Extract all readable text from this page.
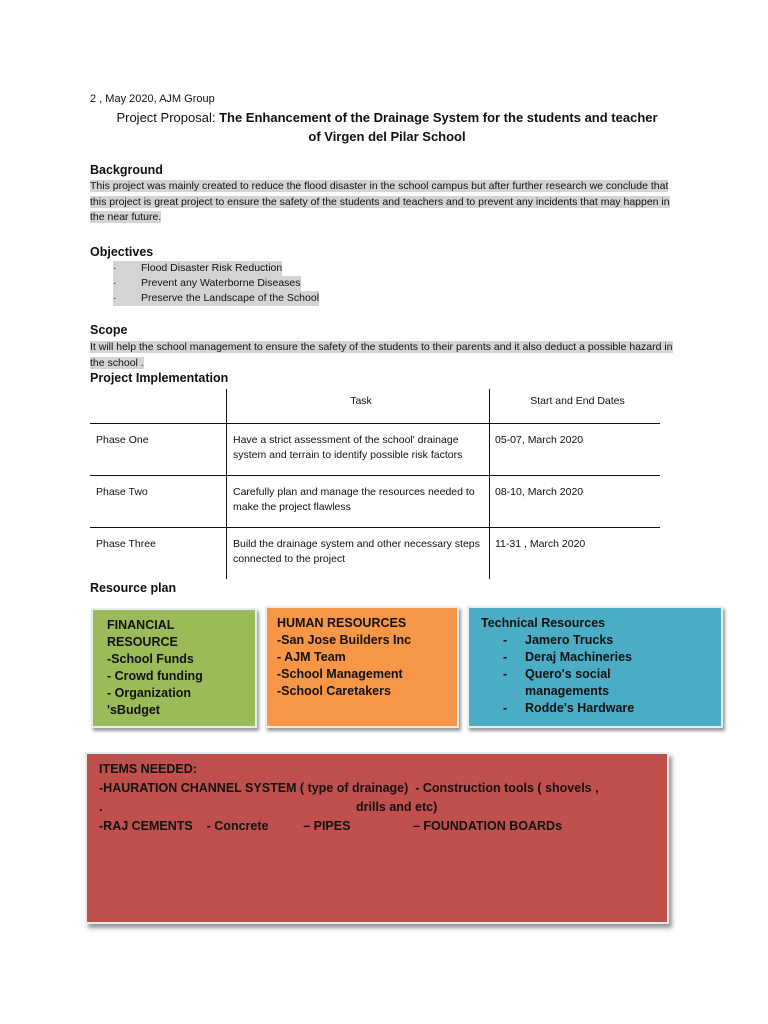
2 , May 2020, AJM Group
Project Proposal: The Enhancement of the Drainage System for the students and teacher
of Virgen del Pilar School
Background
This project was mainly created to reduce the flood disaster in the school campus but after further research we conclude that this project is great project to ensure the safety of the students and teachers and to prevent any incidents that may happen in the near future.
Objectives
· Flood Disaster Risk Reduction
· Prevent any Waterborne Diseases
· Preserve the Landscape of the School
Scope
It will help the school management to ensure the safety of the students to their parents and it also deduct a possible hazard in the school .
Project Implementation
	Task	Start and End Dates
Phase One	Have a strict assessment of the school' drainage system and terrain to identify possible risk factors	05-07, March 2020
Phase Two	Carefully plan and manage the resources needed to make the project flawless	08-10, March 2020
Phase Three	Build the drainage system and other necessary steps connected to the project	11-31 , March 2020
Resource plan
FINANCIAL
RESOURCE
-School Funds
- Crowd funding
- Organization
'sBudget
HUMAN RESOURCES
-San Jose Builders Inc
- AJM Team
-School Management
-School Caretakers
Technical Resources
- Jamero Trucks
- Deraj Machineries
- Quero's social
managements
- Rodde's Hardware
ITEMS NEEDED:
-HAURATION CHANNEL SYSTEM ( type of drainage)  - Construction tools ( shovels ,
.                                                                         drills and etc)
-RAJ CEMENTS    - Concrete          – PIPES                  – FOUNDATION BOARDs
